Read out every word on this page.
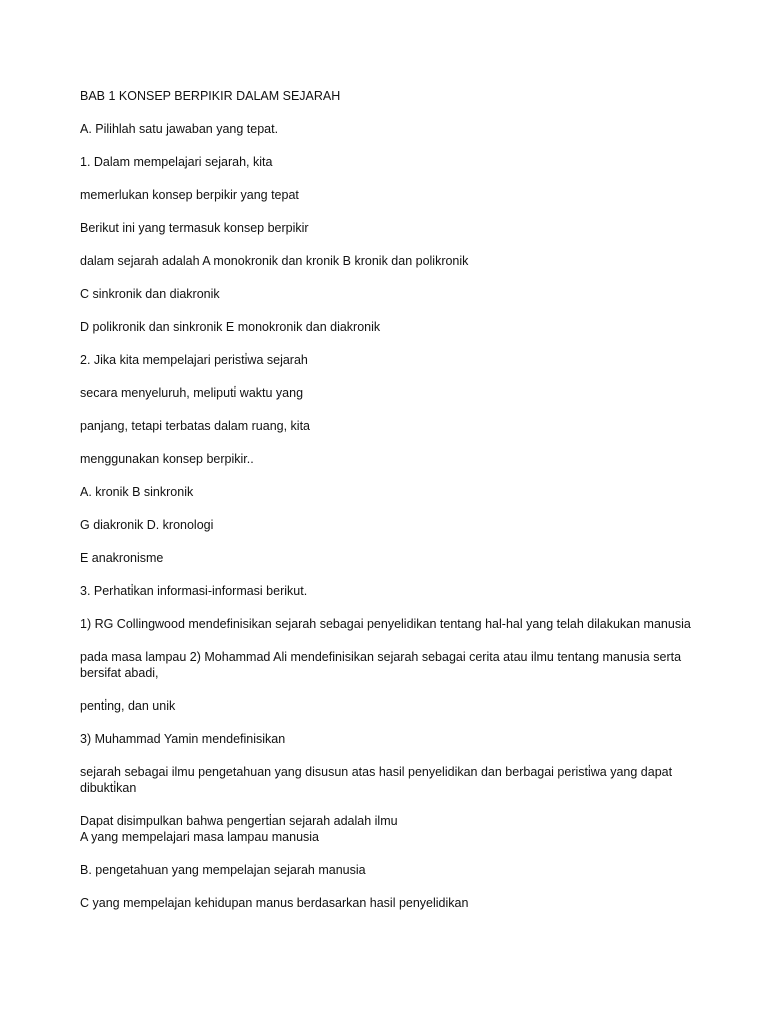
BAB 1 KONSEP BERPIKIR DALAM SEJARAH

A. Pilihlah satu jawaban yang tepat.

1. Dalam mempelajari sejarah, kita

memerlukan konsep berpikir yang tepat

Berikut ini yang termasuk konsep berpikir

dalam sejarah adalah A monokronik dan kronik B kronik dan polikronik

C sinkronik dan diakronik

D polikronik dan sinkronik E monokronik dan diakronik

2. Jika kita mempelajari peristi̇wa sejarah

secara menyeluruh, meliputi̇ waktu yang

panjang, tetapi terbatas dalam ruang, kita

menggunakan konsep berpikir..

A. kronik B sinkronik

G diakronik D. kronologi

E anakronisme

3. Perhati̇kan informasi-informasi berikut.

1) RG Collingwood mendefinisikan sejarah sebagai penyelidikan tentang hal-hal yang telah dilakukan manusia

pada masa lampau 2) Mohammad Ali mendefinisikan sejarah sebagai cerita atau ilmu tentang manusia serta bersifat abadi,

penti̇ng, dan unik

3) Muhammad Yamin mendefinisikan

sejarah sebagai ilmu pengetahuan yang disusun atas hasil penyelidikan dan berbagai peristi̇wa yang dapat dibukti̇kan

Dapat disimpulkan bahwa pengerti̇an sejarah adalah ilmu

A yang mempelajari masa lampau manusia

B. pengetahuan yang mempelajan sejarah manusia

C yang mempelajan kehidupan manus berdasarkan hasil penyelidikan
